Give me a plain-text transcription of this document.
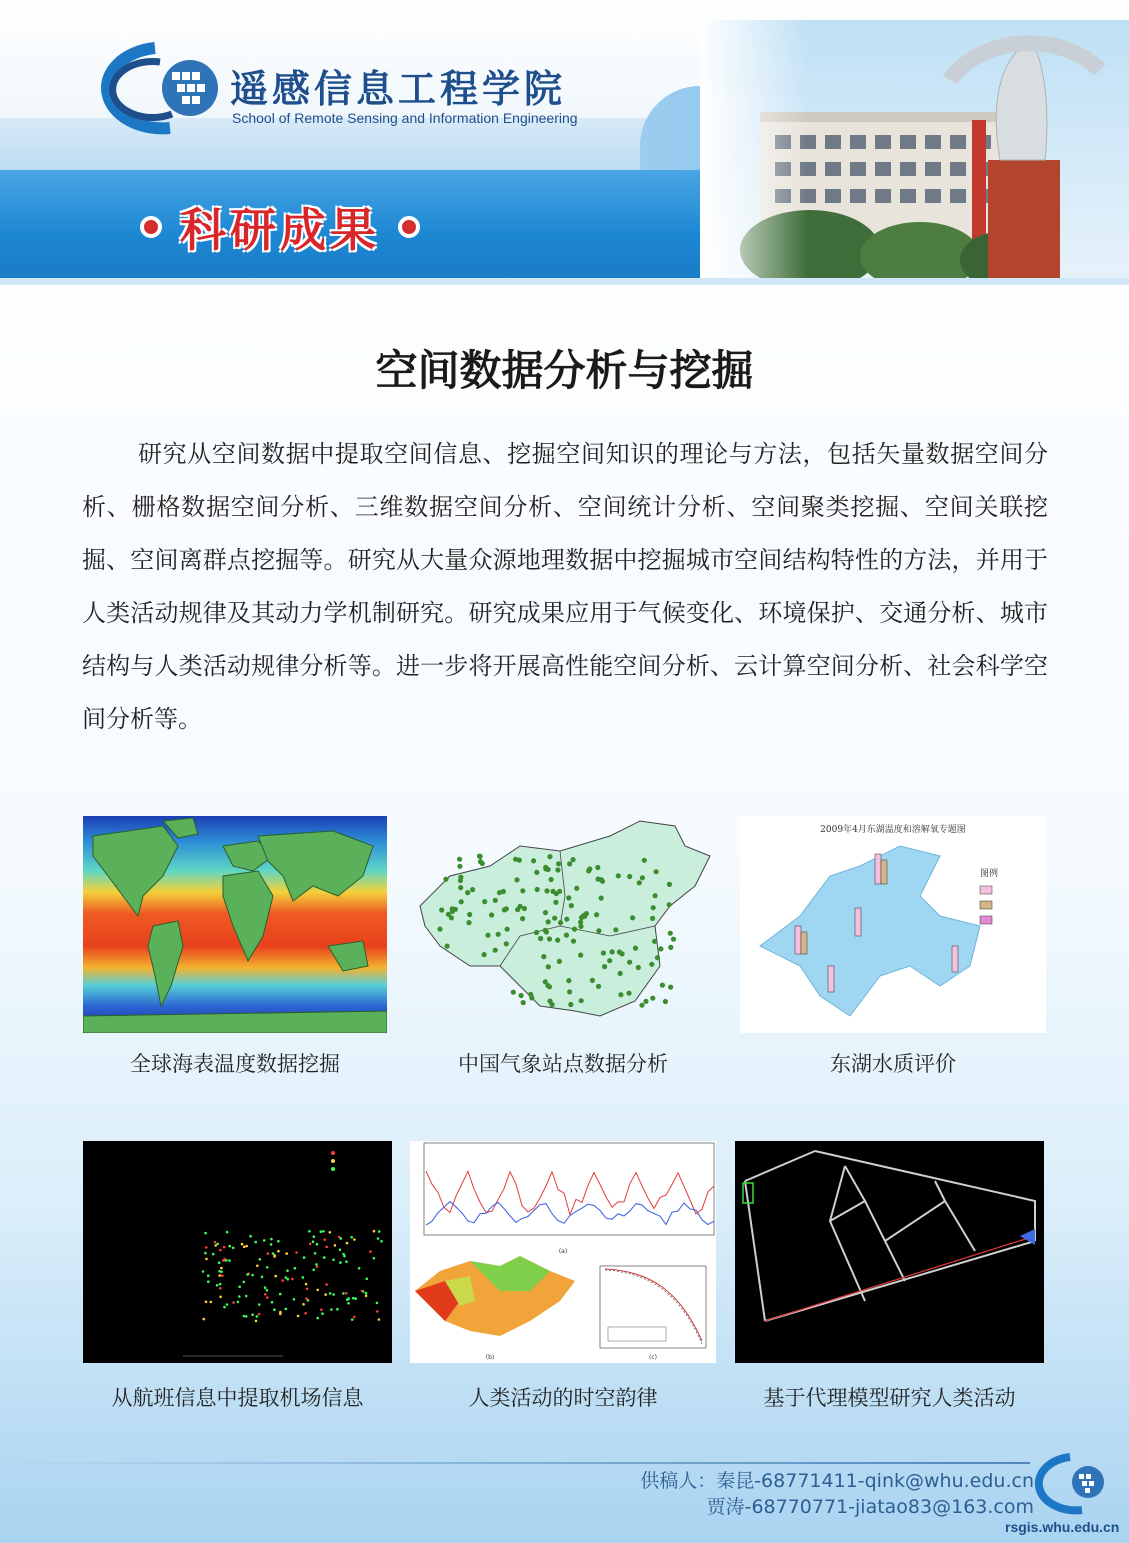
遥感信息工程学院
School of Remote Sensing and Information Engineering
科研成果
空间数据分析与挖掘
研究从空间数据中提取空间信息、挖掘空间知识的理论与方法，包括矢量数据空间分析、栅格数据空间分析、三维数据空间分析、空间统计分析、空间聚类挖掘、空间关联挖掘、空间离群点挖掘等。研究从大量众源地理数据中挖掘城市空间结构特性的方法，并用于人类活动规律及其动力学机制研究。研究成果应用于气候变化、环境保护、交通分析、城市结构与人类活动规律分析等。进一步将开展高性能空间分析、云计算空间分析、社会科学空间分析等。
全球海表温度数据挖掘	中国气象站点数据分析
2009年4月东湖温度和溶解氧专题图
图例
东湖水质评价
从航班信息中提取机场信息
(a)
(b)	(c)
人类活动的时空韵律	基于代理模型研究人类活动
供稿人：秦昆-68771411-qink@whu.edu.cn
贾涛-68770771-jiatao83@163.com
rsgis.whu.edu.cn
